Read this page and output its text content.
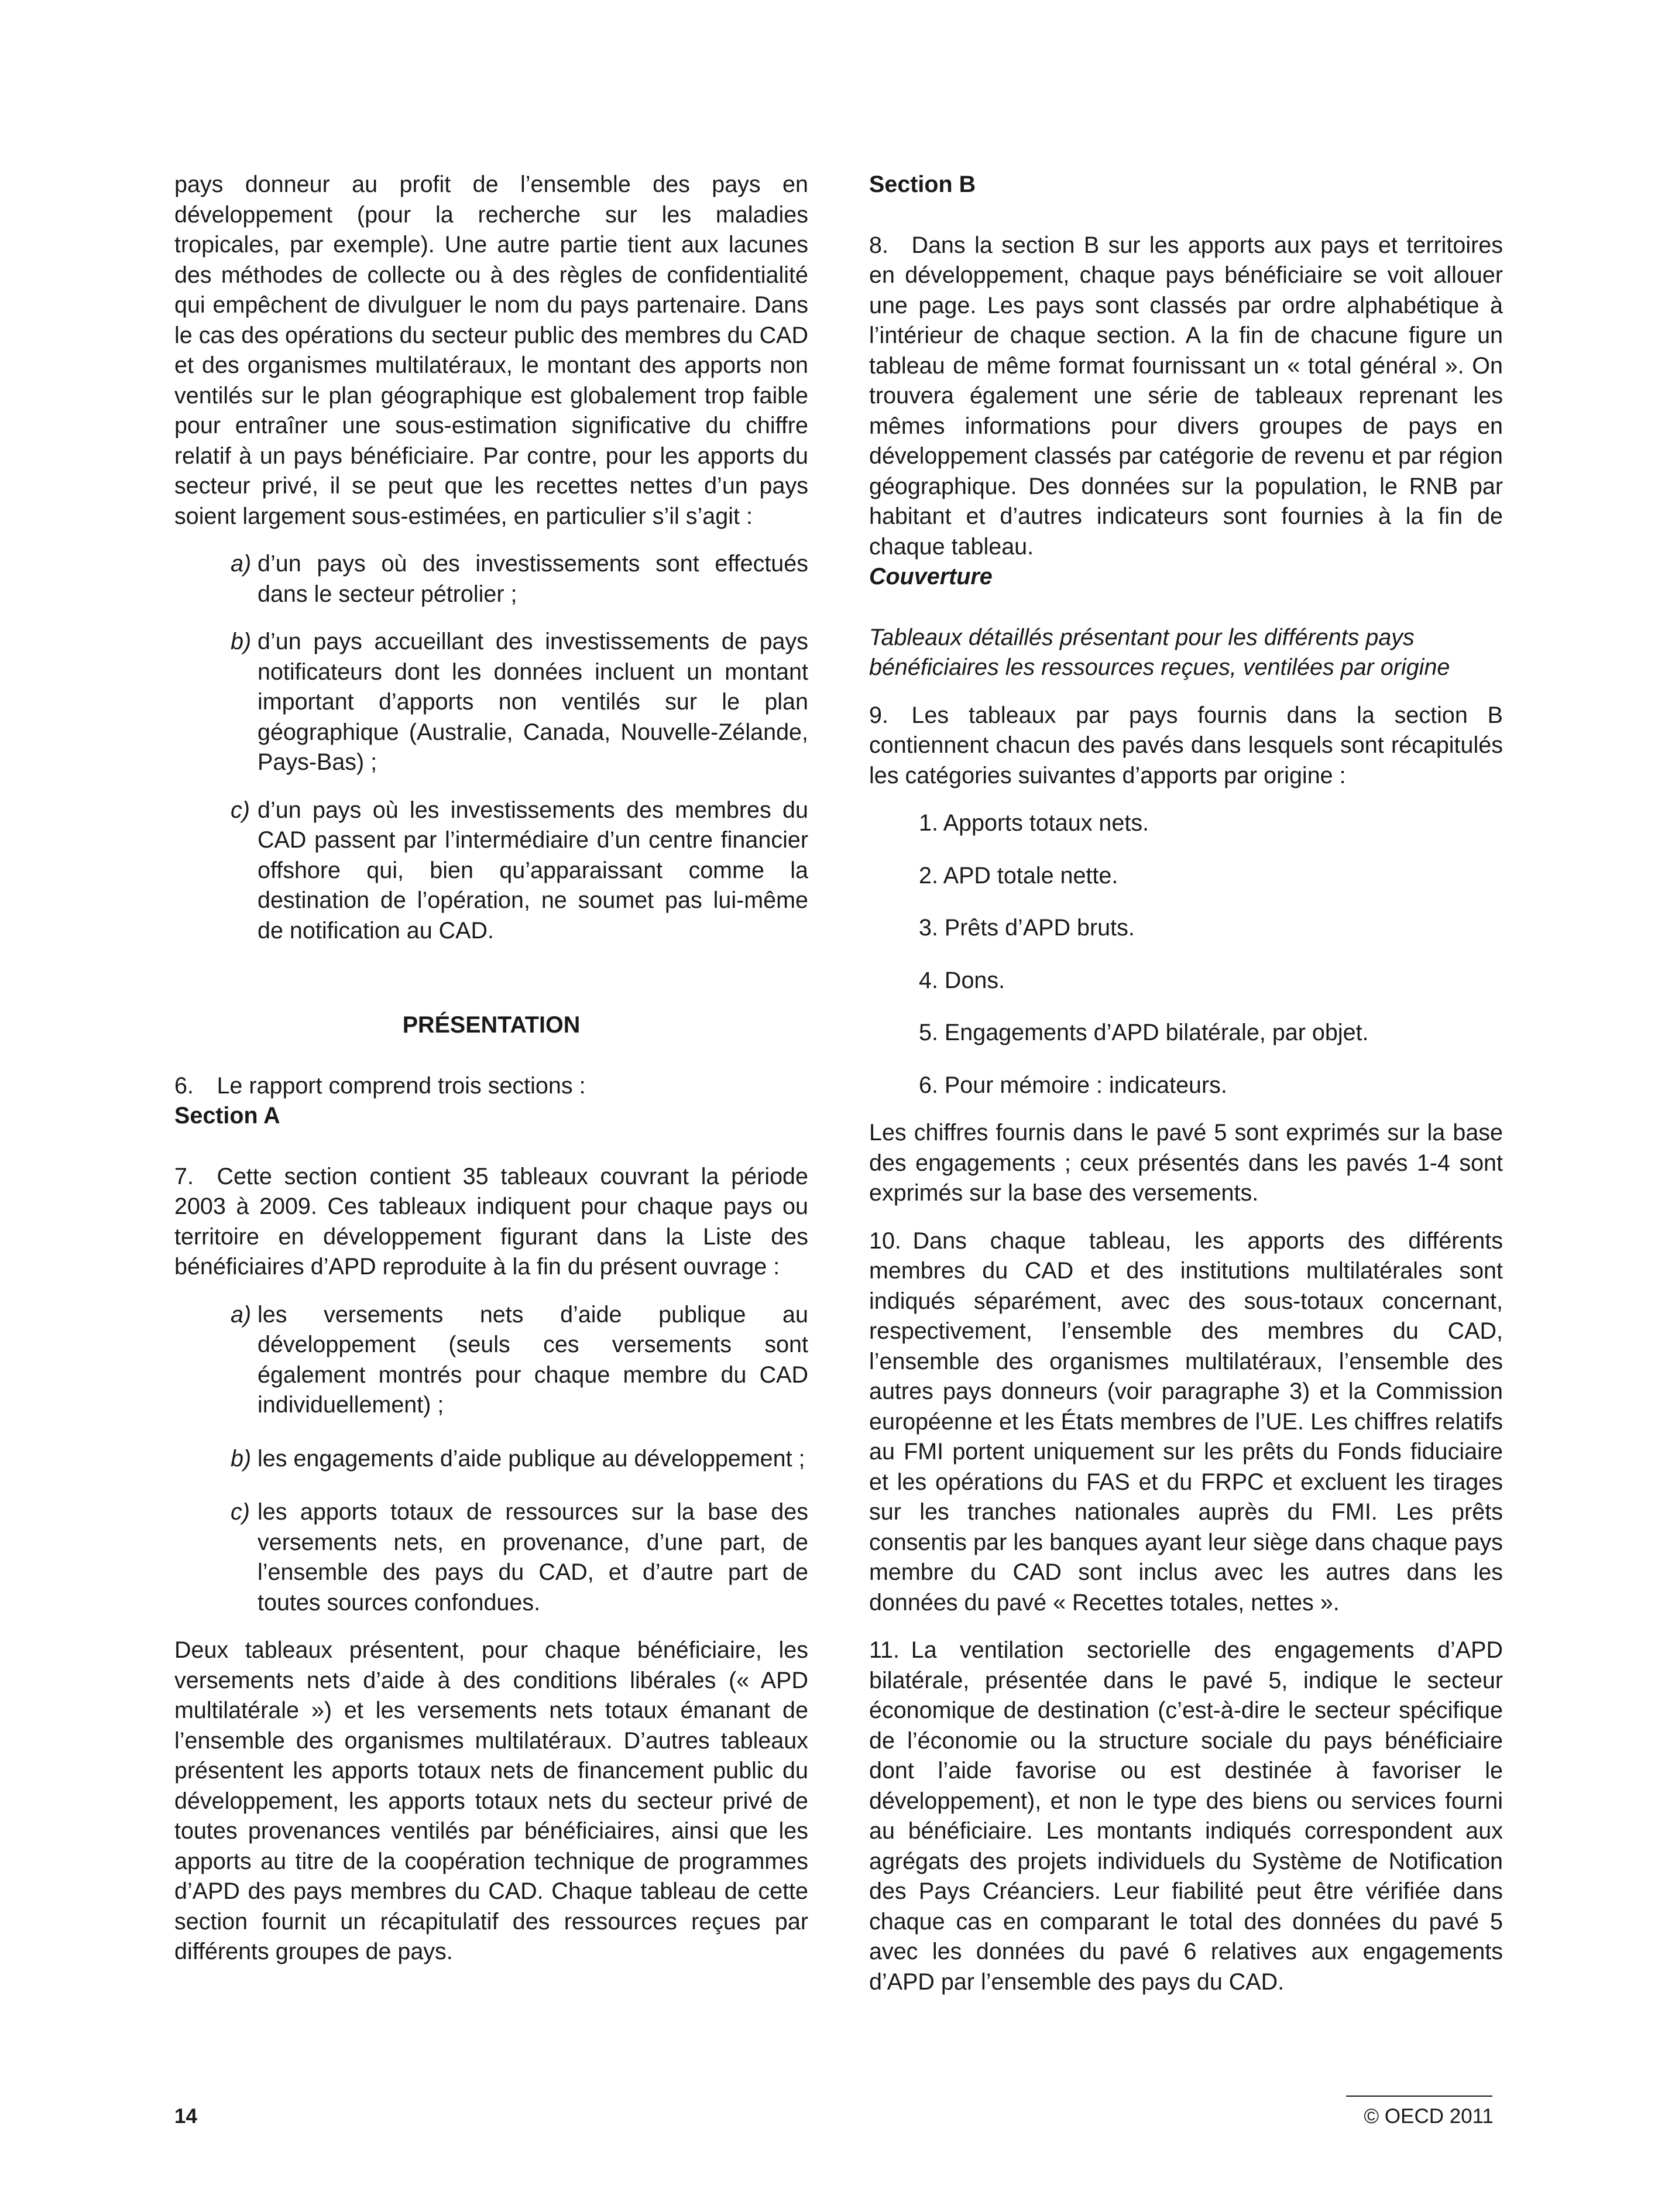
pays donneur au profit de l’ensemble des pays en développement (pour la recherche sur les maladies tropicales, par exemple). Une autre partie tient aux lacunes des méthodes de collecte ou à des règles de confidentialité qui empêchent de divulguer le nom du pays partenaire. Dans le cas des opérations du secteur public des membres du CAD et des organismes multilatéraux, le montant des apports non ventilés sur le plan géographique est globalement trop faible pour entraîner une sous-estimation significative du chiffre relatif à un pays bénéficiaire. Par contre, pour les apports du secteur privé, il se peut que les recettes nettes d’un pays soient largement sous-estimées, en particulier s’il s’agit :

a) d’un pays où des investissements sont effectués dans le secteur pétrolier ;
b) d’un pays accueillant des investissements de pays notificateurs dont les données incluent un montant important d’apports non ventilés sur le plan géographique (Australie, Canada, Nouvelle-Zélande, Pays-Bas) ;
c) d’un pays où les investissements des membres du CAD passent par l’intermédiaire d’un centre financier offshore qui, bien qu’apparaissant comme la destination de l’opération, ne soumet pas lui-même de notification au CAD.

PRÉSENTATION

6. Le rapport comprend trois sections :

Section A

7. Cette section contient 35 tableaux couvrant la période 2003 à 2009. Ces tableaux indiquent pour chaque pays ou territoire en développement figurant dans la Liste des bénéficiaires d’APD reproduite à la fin du présent ouvrage :

a) les versements nets d’aide publique au développement (seuls ces versements sont également montrés pour chaque membre du CAD individuellement) ;
b) les engagements d’aide publique au développement ;
c) les apports totaux de ressources sur la base des versements nets, en provenance, d’une part, de l’ensemble des pays du CAD, et d’autre part de toutes sources confondues.

Deux tableaux présentent, pour chaque bénéficiaire, les versements nets d’aide à des conditions libérales (« APD multilatérale ») et les versements nets totaux émanant de l’ensemble des organismes multilatéraux. D’autres tableaux présentent les apports totaux nets de financement public du développement, les apports totaux nets du secteur privé de toutes provenances ventilés par bénéficiaires, ainsi que les apports au titre de la coopération technique de programmes d’APD des pays membres du CAD. Chaque tableau de cette section fournit un récapitulatif des ressources reçues par différents groupes de pays.

Section B

8. Dans la section B sur les apports aux pays et territoires en développement, chaque pays bénéficiaire se voit allouer une page. Les pays sont classés par ordre alphabétique à l’intérieur de chaque section. A la fin de chacune figure un tableau de même format fournissant un « total général ». On trouvera également une série de tableaux reprenant les mêmes informations pour divers groupes de pays en développement classés par catégorie de revenu et par région géographique. Des données sur la population, le RNB par habitant et d’autres indicateurs sont fournies à la fin de chaque tableau.

Couverture

Tableaux détaillés présentant pour les différents pays bénéficiaires les ressources reçues, ventilées par origine

9. Les tableaux par pays fournis dans la section B contiennent chacun des pavés dans lesquels sont récapitulés les catégories suivantes d’apports par origine :

1. Apports totaux nets.

2. APD totale nette.

3. Prêts d’APD bruts.

4. Dons.

5. Engagements d’APD bilatérale, par objet.

6. Pour mémoire : indicateurs.

Les chiffres fournis dans le pavé 5 sont exprimés sur la base des engagements ; ceux présentés dans les pavés 1-4 sont exprimés sur la base des versements.

10. Dans chaque tableau, les apports des différents membres du CAD et des institutions multilatérales sont indiqués séparément, avec des sous-totaux concernant, respectivement, l’ensemble des membres du CAD, l’ensemble des organismes multilatéraux, l’ensemble des autres pays donneurs (voir paragraphe 3) et la Commission européenne et les États membres de l’UE. Les chiffres relatifs au FMI portent uniquement sur les prêts du Fonds fiduciaire et les opérations du FAS et du FRPC et excluent les tirages sur les tranches nationales auprès du FMI. Les prêts consentis par les banques ayant leur siège dans chaque pays membre du CAD sont inclus avec les autres dans les données du pavé « Recettes totales, nettes ».

11. La ventilation sectorielle des engagements d’APD bilatérale, présentée dans le pavé 5, indique le secteur économique de destination (c’est-à-dire le secteur spécifique de l’économie ou la structure sociale du pays bénéficiaire dont l’aide favorise ou est destinée à favoriser le développement), et non le type des biens ou services fourni au bénéficiaire. Les montants indiqués correspondent aux agrégats des projets individuels du Système de Notification des Pays Créanciers. Leur fiabilité peut être vérifiée dans chaque cas en comparant le total des données du pavé 5 avec les données du pavé 6 relatives aux engagements d’APD par l’ensemble des pays du CAD.

14	© OECD 2011
